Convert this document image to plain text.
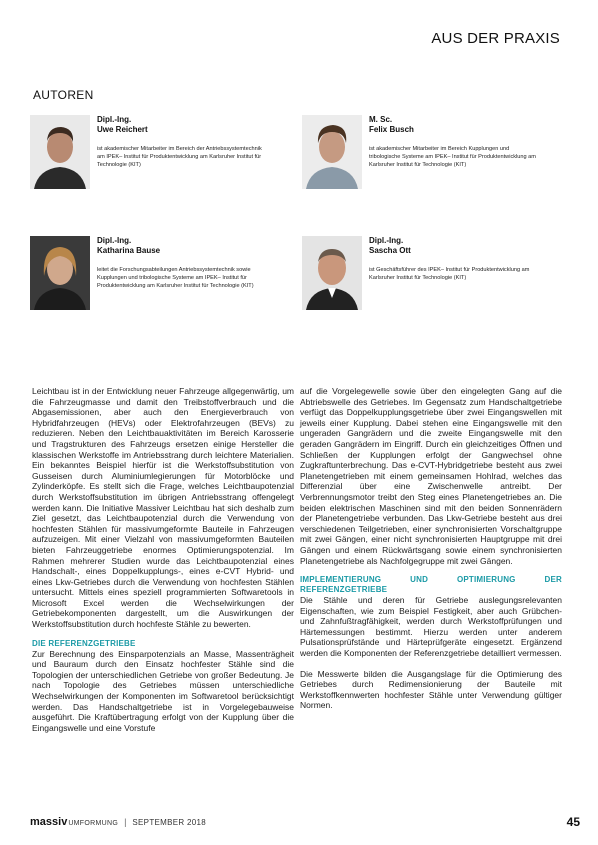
AUS DER PRAXIS
AUTOREN
Dipl.-Ing.
Uwe Reichert
ist akademischer Mitarbeiter im Bereich der Antriebssystemtechnik am IPEK– Institut für Produktentwicklung am Karlsruher Institut für Technologie (KIT)
M. Sc.
Felix Busch
ist akademischer Mitarbeiter im Bereich Kupplungen und tribologische Systeme am IPEK– Institut für Produktentwicklung am Karlsruher Institut für Technologie (KIT)
Dipl.-Ing.
Katharina Bause
leitet die Forschungsabteilungen Antriebssystemtechnik sowie Kupplungen und tribologische Systeme am IPEK– Institut für Produktentwicklung am Karlsruher Institut für Technologie (KIT)
Dipl.-Ing.
Sascha Ott
ist Geschäftsführer des IPEK– Institut für Produktentwicklung am Karlsruher Institut für Technologie (KIT)

Leichtbau ist in der Entwicklung neuer Fahrzeuge allgegenwärtig, um die Fahrzeugmasse und damit den Treibstoffverbrauch und die Abgasemissionen, aber auch den Energieverbrauch von Hybridfahrzeugen (HEVs) oder Elektrofahrzeugen (BEVs) zu reduzieren. Neben den Leichtbauaktivitäten im Bereich Karosserie und Tragstrukturen des Fahrzeugs ersetzen einige Hersteller die klassischen Werkstoffe im Antriebsstrang durch leichtere Materialien. Ein bekanntes Beispiel hierfür ist die Werkstoffsubstitution von Gusseisen durch Aluminiumlegierungen für Motorblöcke und Zylinderköpfe. Es stellt sich die Frage, welches Leichtbaupotenzial durch Werkstoffsubstitution im übrigen Antriebsstrang offengelegt werden kann. Die Initiative Massiver Leichtbau hat sich deshalb zum Ziel gesetzt, das Leichtbaupotenzial durch die Verwendung von hochfesten Stählen für massivumgeformte Bauteile in Fahrzeugen aufzuzeigen. Mit einer Vielzahl von massivumgeformten Bauteilen bieten Fahrzeuggetriebe enormes Optimierungspotenzial. Im Rahmen mehrerer Studien wurde das Leichtbaupotenzial eines Handschalt-, eines Doppelkupplungs-, eines e-CVT Hybrid- und eines Lkw-Getriebes durch die Verwendung von hochfesten Stählen untersucht. Mittels eines speziell programmierten Softwaretools in Microsoft Excel werden die Wechselwirkungen der Getriebekomponenten dargestellt, um die Auswirkungen der Werkstoffsubstitution durch hochfeste Stähle zu bewerten.

DIE REFERENZGETRIEBE

Zur Berechnung des Einsparpotenzials an Masse, Massenträgheit und Bauraum durch den Einsatz hochfester Stähle sind die Topologien der unterschiedlichen Getriebe von großer Bedeutung. Je nach Topologie des Getriebes müssen unterschiedliche Wechselwirkungen der Komponenten im Softwaretool berücksichtigt werden. Das Handschaltgetriebe ist in Vorgelegebauweise ausgeführt. Die Kraftübertragung erfolgt von der Kupplung über die Eingangswelle und eine Vorstufe

auf die Vorgelegewelle sowie über den eingelegten Gang auf die Abtriebswelle des Getriebes. Im Gegensatz zum Handschaltgetriebe verfügt das Doppelkupplungsgetriebe über zwei Eingangswellen mit jeweils einer Kupplung. Dabei stehen eine Eingangswelle mit den ungeraden Gangrädern und die zweite Eingangswelle mit den geraden Gangrädern im Eingriff. Durch ein gleichzeitiges Öffnen und Schließen der Kupplungen erfolgt der Gangwechsel ohne Zugkraftunterbrechung. Das e-CVT-Hybridgetriebe besteht aus zwei Planetengetrieben mit einem gemeinsamen Hohlrad, welches das Differenzial über eine Zwischenwelle antreibt. Der Verbrennungsmotor treibt den Steg eines Planetengetriebes an. Die beiden elektrischen Maschinen sind mit den beiden Sonnenrädern der Planetengetriebe verbunden. Das Lkw-Getriebe besteht aus drei verschiedenen Teilgetrieben, einer synchronisierten Vorschaltgruppe mit zwei Gängen, einer nicht synchronisierten Hauptgruppe mit drei Gängen und einem Rückwärtsgang sowie einem synchronisierten Planetengetriebe als Nachfolgegruppe mit zwei Gängen.

IMPLEMENTIERUNG UND OPTIMIERUNG DER REFERENZGETRIEBE

Die Stähle und deren für Getriebe auslegungsrelevanten Eigenschaften, wie zum Beispiel Festigkeit, aber auch Grübchen- und Zahnfußtragfähigkeit, werden durch Werkstoffprüfungen und Härtemessungen bestimmt. Hierzu werden unter anderem Pulsationsprüfstände und Härteprüfgeräte eingesetzt. Ergänzend werden die Komponenten der Referenzgetriebe detailliert vermessen.

Die Messwerte bilden die Ausgangslage für die Optimierung des Getriebes durch Redimensionierung der Bauteile mit Werkstoffkennwerten hochfester Stähle unter Verwendung gültiger Normen.

massiv UMFORMUNG | SEPTEMBER 2018	45
